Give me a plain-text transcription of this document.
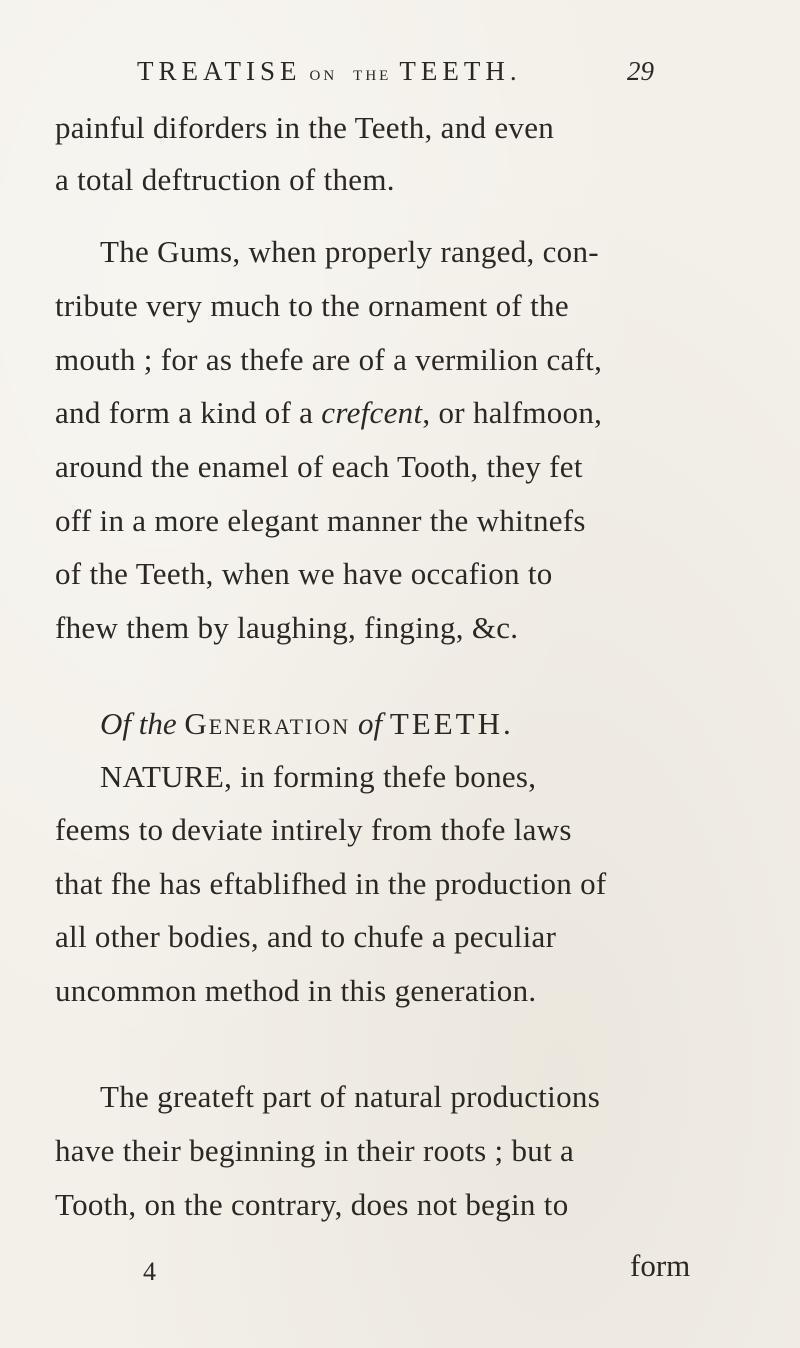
TREATISE ON THE TEETH.	29
painful diforders in the Teeth, and even
a total deftruction of them.
The Gums, when properly ranged, con-
tribute very much to the ornament of the
mouth ; for as thefe are of a vermilion caft,
and form a kind of a crefcent, or halfmoon,
around the enamel of each Tooth, they fet
off in a more elegant manner the whitnefs
of the Teeth, when we have occafion to
fhew them by laughing, finging, &c.
Of the Generation of TEETH.
NATURE, in forming thefe bones,
feems to deviate intirely from thofe laws
that fhe has eftablifhed in the production of
all other bodies, and to chufe a peculiar
uncommon method in this generation.
The greateft part of natural productions
have their beginning in their roots ; but a
Tooth, on the contrary, does not begin to
4	form
